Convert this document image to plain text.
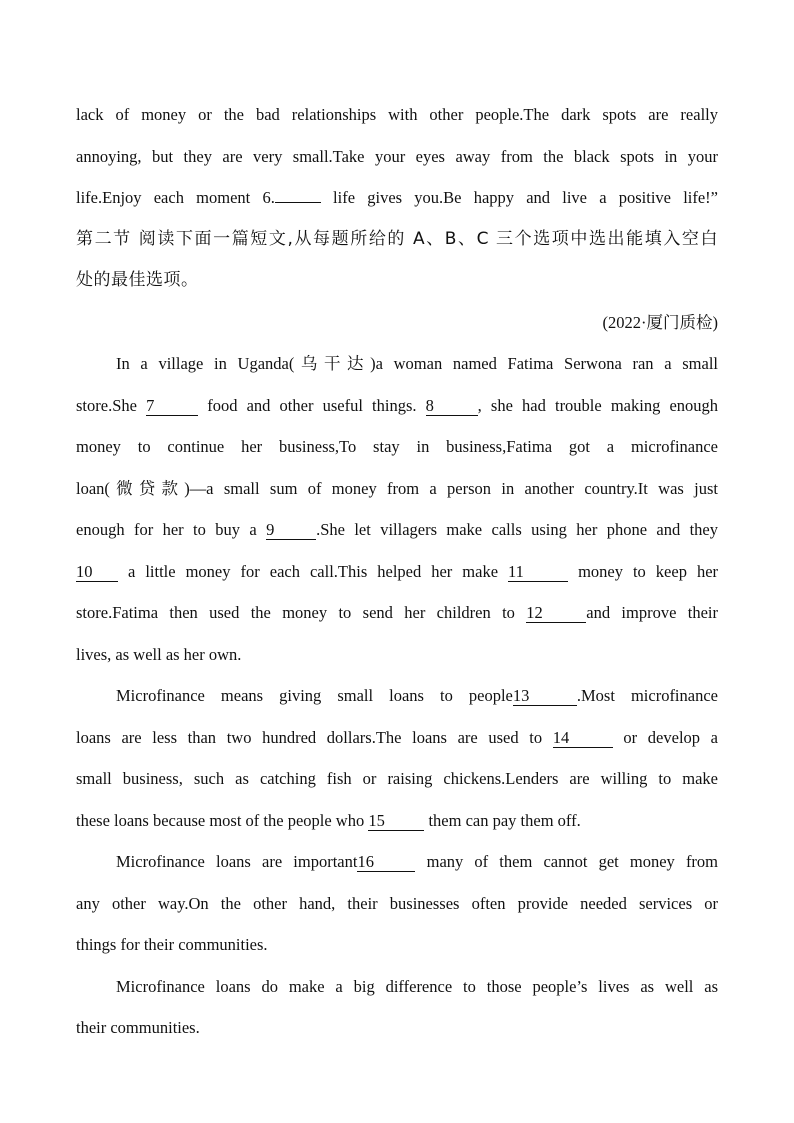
lack of money or the bad relationships with other people.The dark spots are really
annoying, but they are very small.Take your eyes away from the black spots in your
life.Enjoy each moment 6.	life gives you.Be happy and live a positive life!”
第二节 阅读下面一篇短文,从每题所给的 A、B、C 三个选项中选出能填入空白
处的最佳选项。
(2022·厦门质检)
In a village in Uganda(乌干达)a woman named Fatima Serwona ran a small
store.She 7	food and other useful things. 8	, she had trouble making enough
money to continue her business,To stay in business,Fatima got a microfinance
loan(微贷款)—a small sum of money from a person in another country.It was just
enough for her to buy a 9	.She let villagers make calls using her phone and they
10 a little money for each call.This helped her make 11	money to keep her
store.Fatima then used the money to send her children to 12	and improve their
lives, as well as her own.
Microfinance means giving small loans to people13	.Most microfinance
loans are less than two hundred dollars.The loans are used to 14	or develop a
small business, such as catching fish or raising chickens.Lenders are willing to make
these loans because most of the people who 15	them can pay them off.
Microfinance loans are important16	many of them cannot get money from
any other way.On the other hand, their businesses often provide needed services or
things for their communities.
Microfinance loans do make a big difference to those people’s lives as well as
their communities.
